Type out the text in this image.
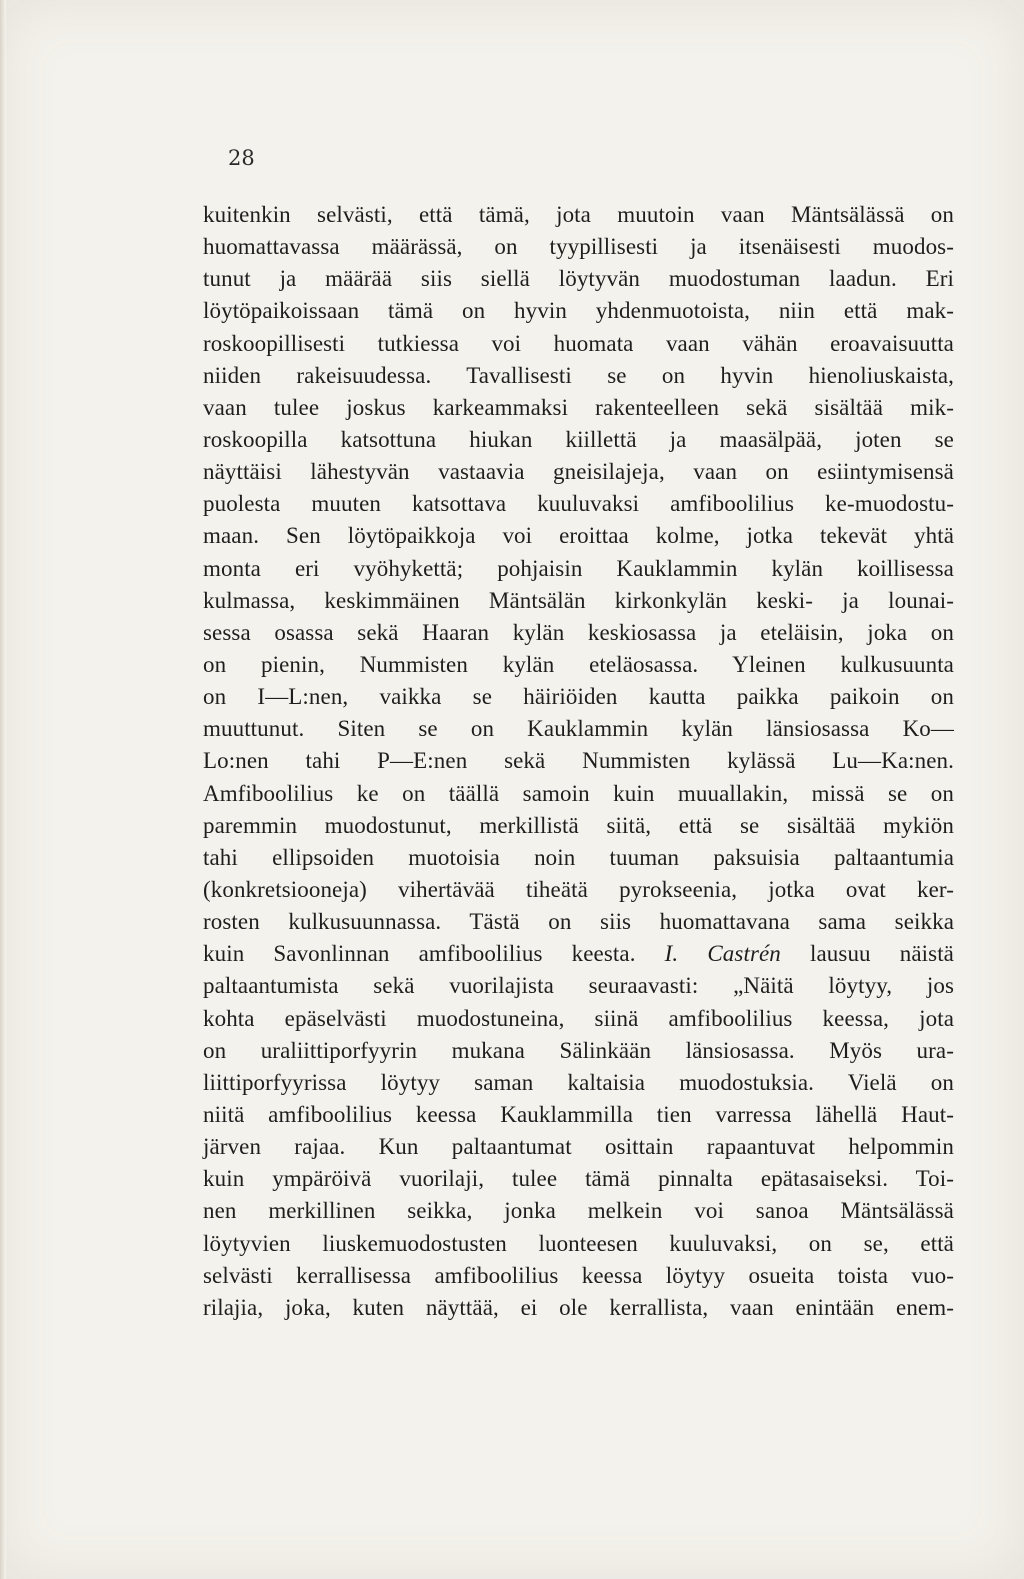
28
kuitenkin selvästi, että tämä, jota muutoin vaan Mäntsälässä on
huomattavassa määrässä, on tyypillisesti ja itsenäisesti muodos-
tunut ja määrää siis siellä löytyvän muodostuman laadun. Eri
löytöpaikoissaan tämä on hyvin yhdenmuotoista, niin että mak-
roskoopillisesti tutkiessa voi huomata vaan vähän eroavaisuutta
niiden rakeisuudessa. Tavallisesti se on hyvin hienoliuskaista,
vaan tulee joskus karkeammaksi rakenteelleen sekä sisältää mik-
roskoopilla katsottuna hiukan kiillettä ja maasälpää, joten se
näyttäisi lähestyvän vastaavia gneisilajeja, vaan on esiintymisensä
puolesta muuten katsottava kuuluvaksi amfiboolilius ke-muodostu-
maan. Sen löytöpaikkoja voi eroittaa kolme, jotka tekevät yhtä
monta eri vyöhykettä; pohjaisin Kauklammin kylän koillisessa
kulmassa, keskimmäinen Mäntsälän kirkonkylän keski- ja lounai-
sessa osassa sekä Haaran kylän keskiosassa ja eteläisin, joka on
on pienin, Nummisten kylän eteläosassa. Yleinen kulkusuunta
on I—L:nen, vaikka se häiriöiden kautta paikka paikoin on
muuttunut. Siten se on Kauklammin kylän länsiosassa Ko—
Lo:nen tahi P—E:nen sekä Nummisten kylässä Lu—Ka:nen.
Amfiboolilius ke on täällä samoin kuin muuallakin, missä se on
paremmin muodostunut, merkillistä siitä, että se sisältää mykiön
tahi ellipsoiden muotoisia noin tuuman paksuisia paltaantumia
(konkretsiooneja) vihertävää tiheätä pyrokseenia, jotka ovat ker-
rosten kulkusuunnassa. Tästä on siis huomattavana sama seikka
kuin Savonlinnan amfiboolilius keesta. I. Castrén lausuu näistä
paltaantumista sekä vuorilajista seuraavasti: „Näitä löytyy, jos
kohta epäselvästi muodostuneina, siinä amfiboolilius keessa, jota
on uraliittiporfyyrin mukana Sälinkään länsiosassa. Myös ura-
liittiporfyyrissa löytyy saman kaltaisia muodostuksia. Vielä on
niitä amfiboolilius keessa Kauklammilla tien varressa lähellä Haut-
järven rajaa. Kun paltaantumat osittain rapaantuvat helpommin
kuin ympäröivä vuorilaji, tulee tämä pinnalta epätasaiseksi. Toi-
nen merkillinen seikka, jonka melkein voi sanoa Mäntsälässä
löytyvien liuskemuodostusten luonteesen kuuluvaksi, on se, että
selvästi kerrallisessa amfiboolilius keessa löytyy osueita toista vuo-
rilajia, joka, kuten näyttää, ei ole kerrallista, vaan enintään enem-
